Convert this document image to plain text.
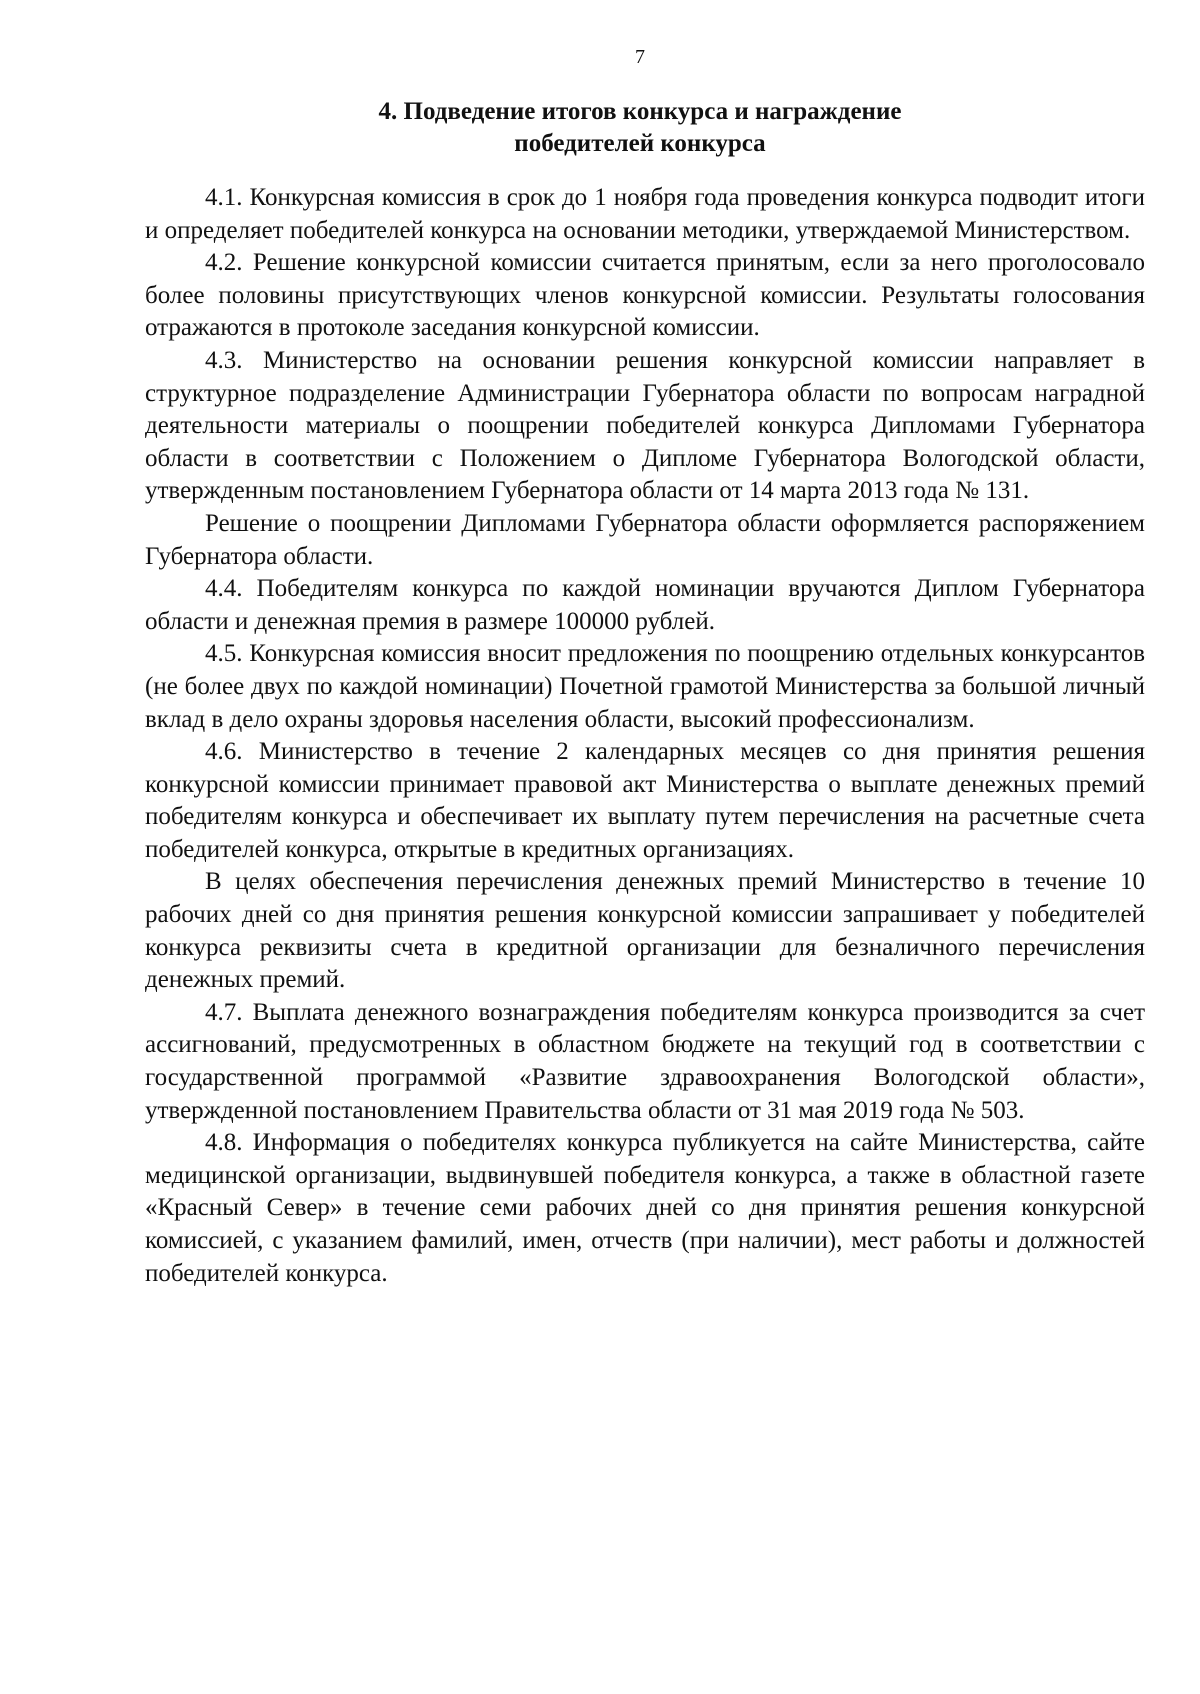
7

4. Подведение итогов конкурса и награждение
победителей конкурса

4.1. Конкурсная комиссия в срок до 1 ноября года проведения конкурса подводит итоги и определяет победителей конкурса на основании методики, утверждаемой Министерством.

4.2. Решение конкурсной комиссии считается принятым, если за него проголосовало более половины присутствующих членов конкурсной комиссии. Результаты голосования отражаются в протоколе заседания конкурсной комиссии.

4.3. Министерство на основании решения конкурсной комиссии направляет в структурное подразделение Администрации Губернатора области по вопросам наградной деятельности материалы о поощрении победителей конкурса Дипломами Губернатора области в соответствии с Положением о Дипломе Губернатора Вологодской области, утвержденным постановлением Губернатора области от 14 марта 2013 года № 131.

Решение о поощрении Дипломами Губернатора области оформляется распоряжением Губернатора области.

4.4. Победителям конкурса по каждой номинации вручаются Диплом Губернатора области и денежная премия в размере 100000 рублей.

4.5. Конкурсная комиссия вносит предложения по поощрению отдельных конкурсантов (не более двух по каждой номинации) Почетной грамотой Министерства за большой личный вклад в дело охраны здоровья населения области, высокий профессионализм.

4.6. Министерство в течение 2 календарных месяцев со дня принятия решения конкурсной комиссии принимает правовой акт Министерства о выплате денежных премий победителям конкурса и обеспечивает их выплату путем перечисления на расчетные счета победителей конкурса, открытые в кредитных организациях.

В целях обеспечения перечисления денежных премий Министерство в течение 10 рабочих дней со дня принятия решения конкурсной комиссии запрашивает у победителей конкурса реквизиты счета в кредитной организации для безналичного перечисления денежных премий.

4.7. Выплата денежного вознаграждения победителям конкурса производится за счет ассигнований, предусмотренных в областном бюджете на текущий год в соответствии с государственной программой «Развитие здравоохранения Вологодской области», утвержденной постановлением Правительства области от 31 мая 2019 года № 503.

4.8. Информация о победителях конкурса публикуется на сайте Министерства, сайте медицинской организации, выдвинувшей победителя конкурса, а также в областной газете «Красный Север» в течение семи рабочих дней со дня принятия решения конкурсной комиссией, с указанием фамилий, имен, отчеств (при наличии), мест работы и должностей победителей конкурса.
